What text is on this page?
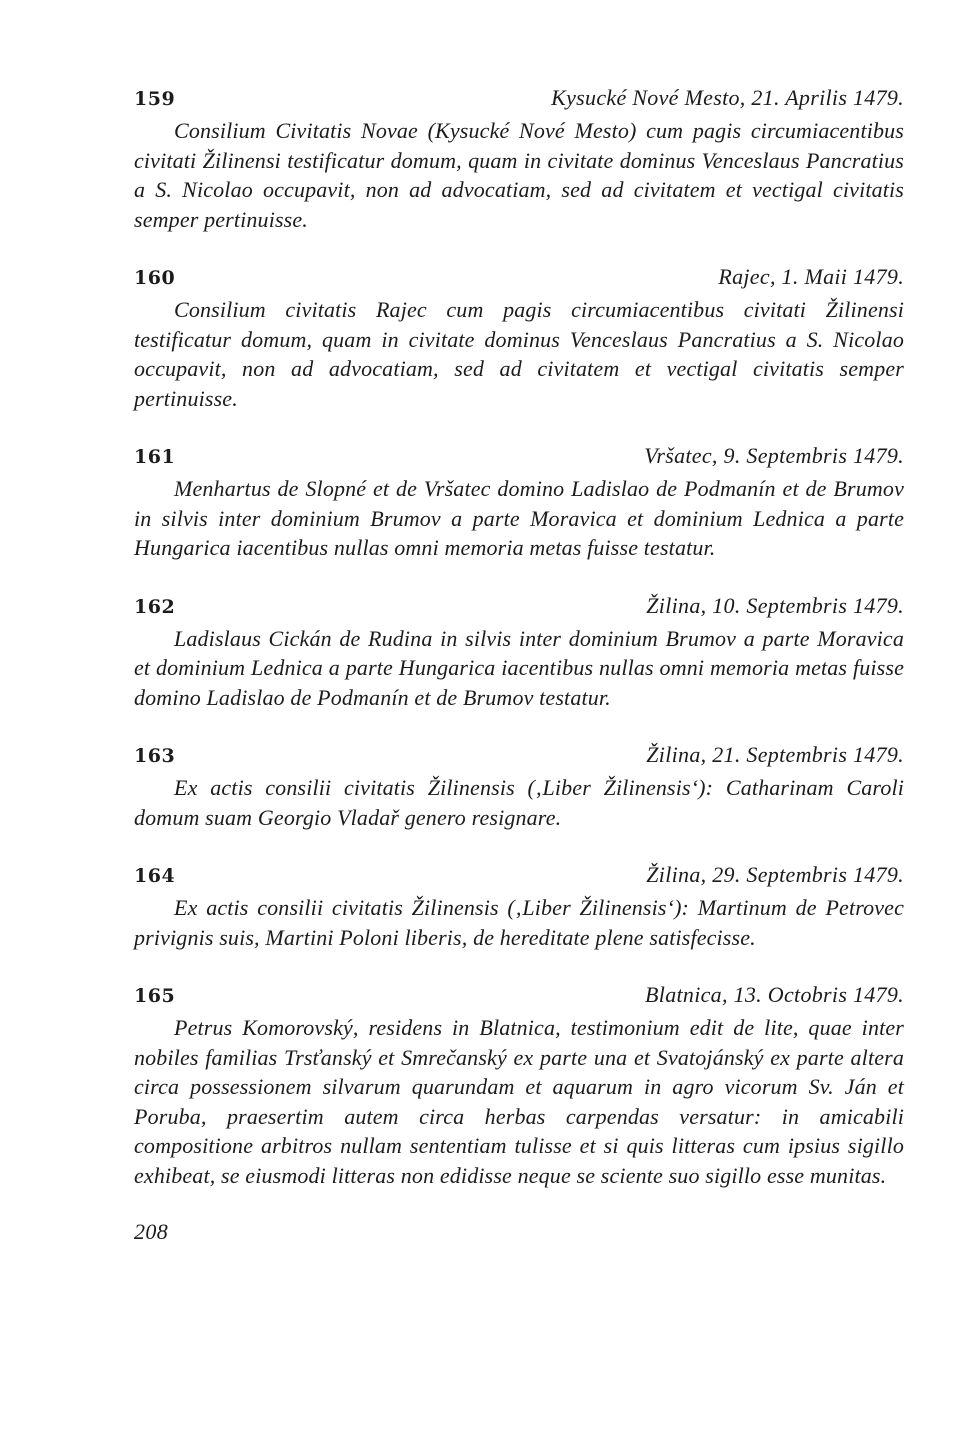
159	Kysucké Nové Mesto, 21. Aprilis 1479.

Consilium Civitatis Novae (Kysucké Nové Mesto) cum pagis circumiacentibus civitati Žilinensi testificatur domum, quam in civitate dominus Venceslaus Pancratius a S. Nicolao occupavit, non ad advocatiam, sed ad civitatem et vectigal civitatis semper pertinuisse.

160	Rajec, 1. Maii 1479.

Consilium civitatis Rajec cum pagis circumiacentibus civitati Žilinensi testificatur domum, quam in civitate dominus Venceslaus Pancratius a S. Nicolao occupavit, non ad advocatiam, sed ad civitatem et vectigal civitatis semper pertinuisse.

161	Vršatec, 9. Septembris 1479.

Menhartus de Slopné et de Vršatec domino Ladislao de Podmanín et de Brumov in silvis inter dominium Brumov a parte Moravica et dominium Lednica a parte Hungarica iacentibus nullas omni memoria metas fuisse testatur.

162	Žilina, 10. Septembris 1479.

Ladislaus Cickán de Rudina in silvis inter dominium Brumov a parte Moravica et dominium Lednica a parte Hungarica iacentibus nullas omni memoria metas fuisse domino Ladislao de Podmanín et de Brumov testatur.

163	Žilina, 21. Septembris 1479.

Ex actis consilii civitatis Žilinensis (‚Liber Žilinensis‘): Catharinam Caroli domum suam Georgio Vladař genero resignare.

164	Žilina, 29. Septembris 1479.

Ex actis consilii civitatis Žilinensis (‚Liber Žilinensis‘): Martinum de Petrovec privignis suis, Martini Poloni liberis, de hereditate plene satisfecisse.

165	Blatnica, 13. Octobris 1479.

Petrus Komorovský, residens in Blatnica, testimonium edit de lite, quae inter nobiles familias Trsťanský et Smrečanský ex parte una et Svatojánský ex parte altera circa possessionem silvarum quarundam et aquarum in agro vicorum Sv. Ján et Poruba, praesertim autem circa herbas carpendas versatur: in amicabili compositione arbitros nullam sententiam tulisse et si quis litteras cum ipsius sigillo exhibeat, se eiusmodi litteras non edidisse neque se sciente suo sigillo esse munitas.

208
